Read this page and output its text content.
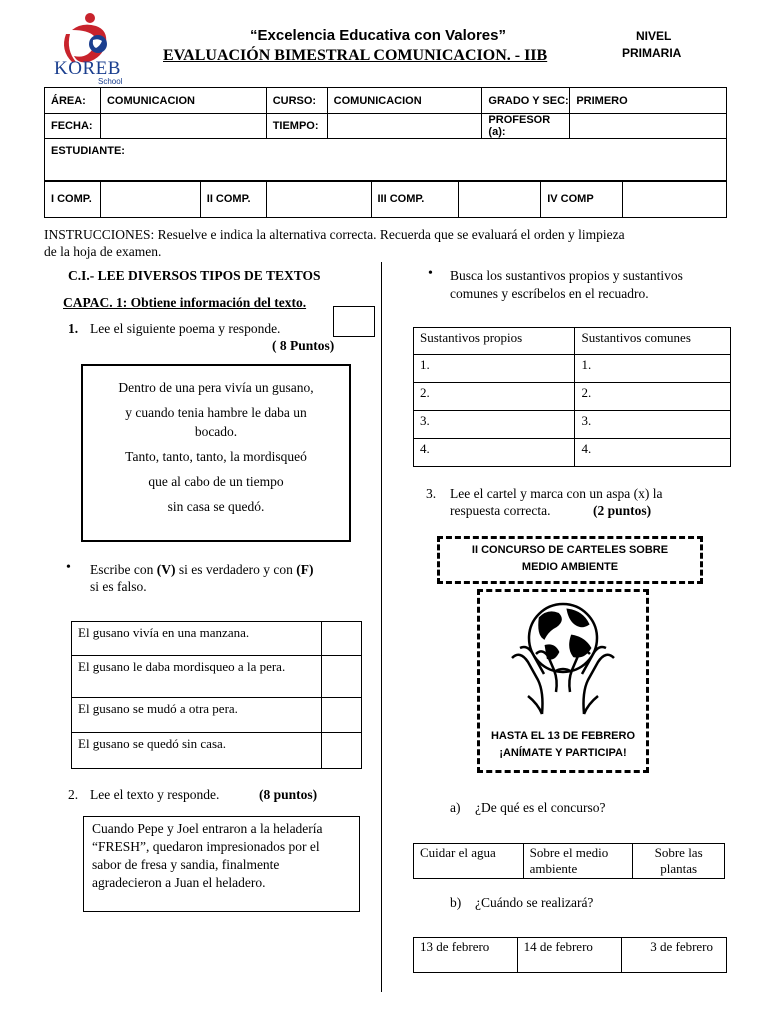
KOREB
School
“Excelencia Educativa con Valores”
EVALUACIÓN BIMESTRAL COMUNICACION. - IIB
NIVEL
PRIMARIA
ÁREA:	COMUNICACION	CURSO:	COMUNICACION	GRADO Y SEC:	PRIMERO
FECHA:		TIEMPO:		PROFESOR (a):	
ESTUDIANTE:					
I COMP.		II COMP.		III COMP.		IV COMP	
INSTRUCCIONES: Resuelve e indica la alternativa correcta. Recuerda que se evaluará el orden y limpieza
de la hoja de examen.
C.I.- LEE DIVERSOS TIPOS DE TEXTOS
CAPAC. 1: Obtiene información del texto.
1. Lee el siguiente poema y responde.
( 8 Puntos)
Dentro de una pera vivía un gusano,
y cuando tenia hambre le daba un
bocado.
Tanto, tanto, tanto, la mordisqueó
que al cabo de un tiempo
sin casa se quedó.
• Escribe con (V) si es verdadero y con (F)
si es falso.
El gusano vivía en una manzana.	
El gusano le daba mordisqueo a la pera.	
El gusano se mudó a otra pera.	
El gusano se quedó sin casa.	
2. Lee el texto y responde.	(8 puntos)
Cuando Pepe y Joel entraron a la heladería “FRESH”, quedaron impresionados por el sabor de fresa y sandia, finalmente agradecieron a Juan el heladero.
• Busca los sustantivos propios y sustantivos
comunes y escríbelos en el recuadro.
Sustantivos propios	Sustantivos comunes
1.	1.
2.	2.
3.	3.
4.	4.
3. Lee el cartel y marca con un aspa (x) la
respuesta correcta.	(2 puntos)
II CONCURSO DE CARTELES SOBRE
MEDIO AMBIENTE
HASTA EL 13 DE FEBRERO
¡ANÍMATE Y PARTICIPA!
a) ¿De qué es el concurso?
Cuidar el agua	Sobre el medio ambiente	Sobre las plantas
b) ¿Cuándo se realizará?
13 de febrero	14 de febrero	3 de febrero
